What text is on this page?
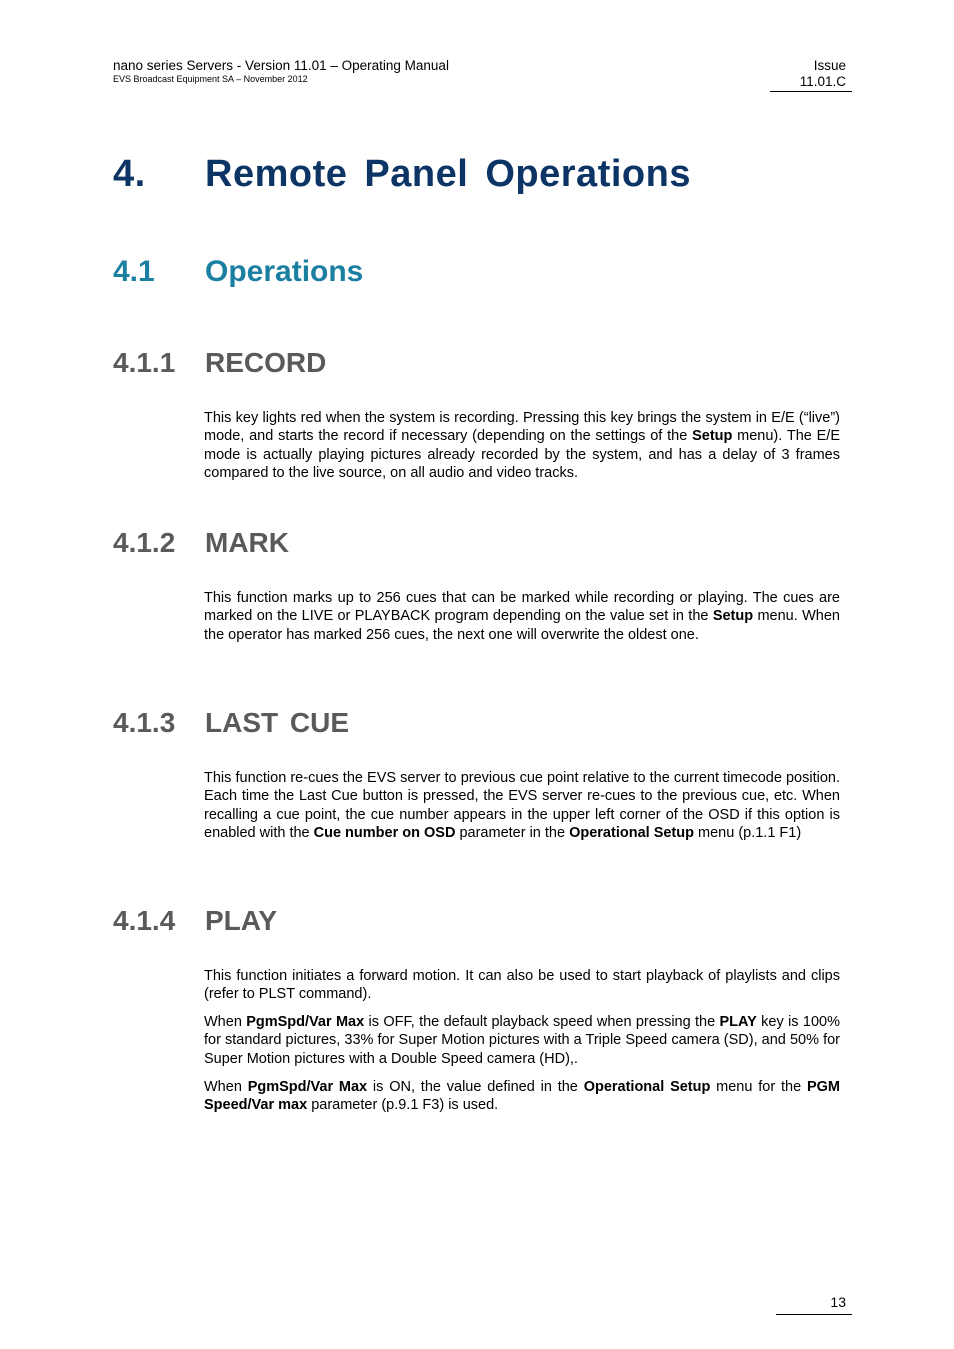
nano series Servers - Version 11.01 – Operating Manual
EVS Broadcast Equipment SA – November 2012
Issue
11.01.C
4. Remote Panel Operations
4.1 Operations
4.1.1 RECORD

This key lights red when the system is recording. Pressing this key brings the system in E/E (“live”) mode, and starts the record if necessary (depending on the settings of the Setup menu). The E/E mode is actually playing pictures already recorded by the system, and has a delay of 3 frames compared to the live source, on all audio and video tracks.

4.1.2 MARK

This function marks up to 256 cues that can be marked while recording or playing. The cues are marked on the LIVE or PLAYBACK program depending on the value set in the Setup menu. When the operator has marked 256 cues, the next one will overwrite the oldest one.

4.1.3 LAST CUE

This function re-cues the EVS server to previous cue point relative to the current timecode position. Each time the Last Cue button is pressed, the EVS server re-cues to the previous cue, etc. When recalling a cue point, the cue number appears in the upper left corner of the OSD if this option is enabled with the Cue number on OSD parameter in the Operational Setup menu (p.1.1 F1)

4.1.4 PLAY

This function initiates a forward motion. It can also be used to start playback of playlists and clips (refer to PLST command).

When PgmSpd/Var Max is OFF, the default playback speed when pressing the PLAY key is 100% for standard pictures, 33% for Super Motion pictures with a Triple Speed camera (SD), and 50% for Super Motion pictures with a Double Speed camera (HD),.

When PgmSpd/Var Max is ON, the value defined in the Operational Setup menu for the PGM Speed/Var max parameter (p.9.1 F3) is used.

13
